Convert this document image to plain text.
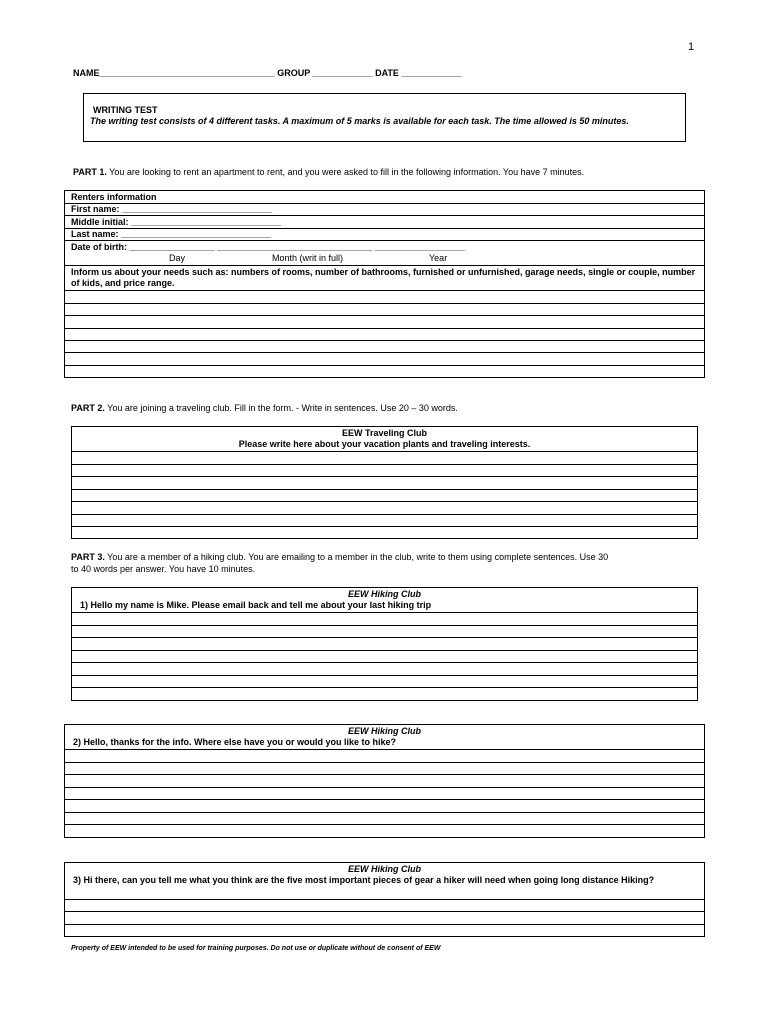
1
NAME___________________________________ GROUP ____________ DATE ____________
WRITING TEST
The writing test consists of 4 different tasks. A maximum of 5 marks is available for each task. The time allowed is 50 minutes.
PART 1. You are looking to rent an apartment to rent, and you were asked to fill in the following information. You have 7 minutes.
Renters information
First name: ______________________________
Middle initial: ______________________________
Last name: ______________________________
Date of birth: _________________ _______________________________ __________________
Day	Month (writ in full)	Year
Inform us about your needs such as: numbers of rooms, number of bathrooms, furnished or unfurnished, garage needs, single or couple, number of kids, and price range.
PART 2. You are joining a traveling club. Fill in the form. - Write in sentences. Use 20 – 30 words.
EEW Traveling Club
Please write here about your vacation plants and traveling interests.
PART 3. You are a member of a hiking club. You are emailing to a member in the club, write to them using complete sentences. Use 30
to 40 words per answer. You have 10 minutes.
EEW Hiking Club
1) Hello my name is Mike. Please email back and tell me about your last hiking trip
EEW Hiking Club
2) Hello, thanks for the info. Where else have you or would you like to hike?
EEW Hiking Club
3) Hi there, can you tell me what you think are the five most important pieces of gear a hiker will need when going long distance Hiking?
Property of EEW intended to be used for training purposes. Do not use or duplicate without de consent of EEW
